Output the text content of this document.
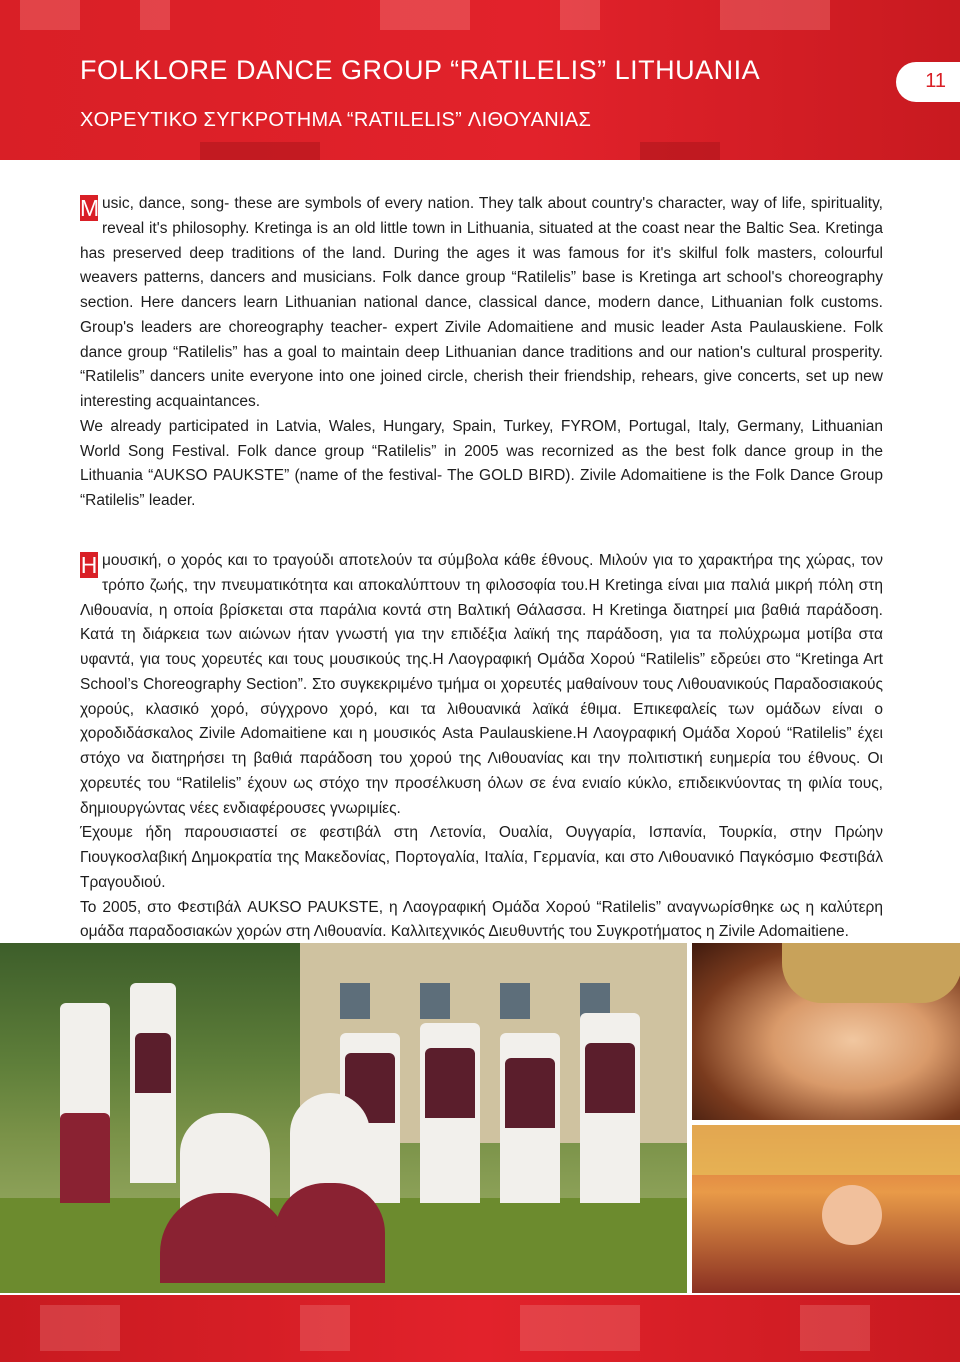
FOLKLORE DANCE GROUP “RATILELIS” LITHUANIA
ΧΟΡΕΥΤΙΚΟ ΣΥΓΚΡΟΤΗΜΑ “RATILELIS” ΛΙΘΟΥΑΝΙΑΣ
11

M usic, dance, song- these are symbols of every nation. They talk about country's character, way of life, spirituality, reveal it's philosophy. Kretinga is an old little town in Lithuania, situated at the coast near the Baltic Sea. Kretinga has preserved deep traditions of the land. During the ages it was famous for it's skilful folk masters, colourful weavers patterns, dancers and musicians. Folk dance group “Ratilelis” base is Kretinga art school's choreography section. Here dancers learn Lithuanian national dance, classical dance, modern dance, Lithuanian folk customs. Group's leaders are choreography teacher- expert Zivile Adomaitiene and music leader Asta Paulauskiene. Folk dance group “Ratilelis” has a goal to maintain deep Lithuanian dance traditions and our nation's cultural prosperity. “Ratilelis” dancers unite everyone into one joined circle, cherish their friendship, rehears, give concerts, set up new interesting acquaintances.

We already participated in Latvia, Wales, Hungary, Spain, Turkey, FYROM, Portugal, Italy, Germany, Lithuanian World Song Festival. Folk dance group “Ratilelis” in 2005 was recornized as the best folk dance group in the Lithuania “AUKSO PAUKSTE” (name of the festival- The GOLD BIRD). Zivile Adomaitiene is the Folk Dance Group “Ratilelis” leader.

Η μουσική, ο χορός και το τραγούδι αποτελούν τα σύμβολα κάθε έθνους. Μιλούν για το χαρακτήρα της χώρας, τον τρόπο ζωής, την πνευματικότητα και αποκαλύπτουν τη φιλοσοφία του.Η Kretinga είναι μια παλιά μικρή πόλη στη Λιθουανία, η οποία βρίσκεται στα παράλια κοντά στη Βαλτική Θάλασσα. Η Kretinga διατηρεί μια βαθιά παράδοση. Κατά τη διάρκεια των αιώνων ήταν γνωστή για την επιδέξια λαϊκή της παράδοση, για τα πολύχρωμα μοτίβα στα υφαντά, για τους χορευτές και τους μουσικούς της.Η Λαογραφική Ομάδα Χορού “Ratilelis” εδρεύει στο “Kretinga Art School’s Choreography Section”. Στο συγκεκριμένο τμήμα οι χορευτές μαθαίνουν τους Λιθουανικούς Παραδοσιακούς χορούς, κλασικό χορό, σύγχρονο χορό, και τα λιθουανικά λαϊκά έθιμα. Επικεφαλείς των ομάδων είναι ο χοροδιδάσκαλος Zivile Adomaitiene και η μουσικός Asta Paulauskiene.Η Λαογραφική Ομάδα Χορού “Ratilelis” έχει στόχο να διατηρήσει τη βαθιά παράδοση του χορού της Λιθουανίας και την πολιτιστική ευημερία του έθνους. Οι χορευτές του “Ratilelis” έχουν ως στόχο την προσέλκυση όλων σε ένα ενιαίο κύκλο, επιδεικνύοντας τη φιλία τους, δημιουργώντας νέες ενδιαφέρουσες γνωριμίες.

Έχουμε ήδη παρουσιαστεί σε φεστιβάλ στη Λετονία, Ουαλία, Ουγγαρία, Ισπανία, Τουρκία, στην Πρώην Γιουγκοσλαβική Δημοκρατία της Μακεδονίας, Πορτογαλία, Ιταλία, Γερμανία, και στο Λιθουανικό Παγκόσμιο Φεστιβάλ Τραγουδιού.

Το 2005, στο Φεστιβάλ AUKSO PAUKSTE, η Λαογραφική Ομάδα Χορού “Ratilelis” αναγνωρίσθηκε ως η καλύτερη ομάδα παραδοσιακών χορών στη Λιθουανία. Καλλιτεχνικός Διευθυντής του Συγκροτήματος η Zivile Adomaitiene.
